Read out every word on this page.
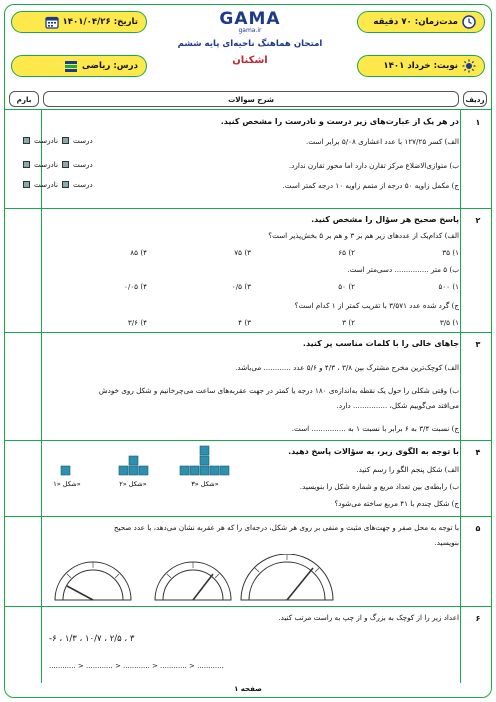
مدت‌زمان: ۷۰ دقیقه
تاریخ: ۱۴۰۱/۰۴/۲۶
نوبت: خرداد ۱۴۰۱
درس: ریاضی
GAMA
gama.ir
امتحان هماهنگ ناحیه‌ای پایه ششم
اشکنان
ردیف
شرح سوالات
بارم
۱
در هر یک از عبارت‌های زیر درست و نادرست را مشخص کنید.
الف) کسر ۱۲۷/۲۵ با عدد اعشاری ۵/۰۸ برابر است.
درست
نادرست
ب) متوازی‌الاضلاع مرکز تقارن دارد اما محور تقارن ندارد.
درست
نادرست
ج) مکمل زاویه ۵۰ درجه از متمم زاویه ۱۰ درجه کمتر است.
درست
نادرست
۲
پاسخ صحیح هر سؤال را مشخص کنید.
الف) کدام‌یک از عددهای زیر هم بر ۳ و هم بر ۵ بخش‌پذیر است؟
۱) ۳۵
۲) ۶۵
۳) ۷۵
۴) ۸۵
ب) ۵ متر ............... دسی‌متر است.
۱) ۵۰۰
۲) ۵۰
۳) ۰/۵
۴) ۰/۰۵
ج) گرد شده عدد ۳/۵۷۱ با تقریب کمتر از ۱ کدام است؟
۱) ۳/۵
۲) ۳
۳) ۴
۴) ۳/۶
۳
جاهای خالی را با کلمات مناسب پر کنید.
الف) کوچک‌ترین مخرج مشترک بین ۳/۸ ، ۴/۳ و ۵/۶ عدد ............ می‌باشد.
ب) وقتی شکلی را حول یک نقطه به‌اندازه‌ی ۱۸۰ درجه یا کمتر در جهت عقربه‌های ساعت می‌چرخانیم و شکل روی خودش
می‌افتد می‌گوییم شکل، ............... دارد.
ج) نسبت ۳/۴ به ۶ برابر با نسبت ۱ به ............... است.
۴
با توجه به الگوی زیر، به سؤالات پاسخ دهید.
الف) شکل پنجم الگو را رسم کنید.
ب) رابطه‌ی بین تعداد مربع و شماره شکل را بنویسید.
ج) شکل چندم با ۴۱ مربع ساخته می‌شود؟
شکل «۱»	شکل «۲»	شکل «۳»
۵
با توجه به محل صفر و جهت‌های مثبت و منفی بر روی هر شکل، درجه‌ای را که هر عقربه نشان می‌دهد، با عدد صحیح
بنویسید.
۶
اعداد زیر را از کوچک به بزرگ و از چپ به راست مرتب کنید.
۳ ، ۲/۵ ، ۱۰/۷ ، ۱/۳ ، ۶-
............ > ............ > ............ > ............ > ............
صفحه ۱
